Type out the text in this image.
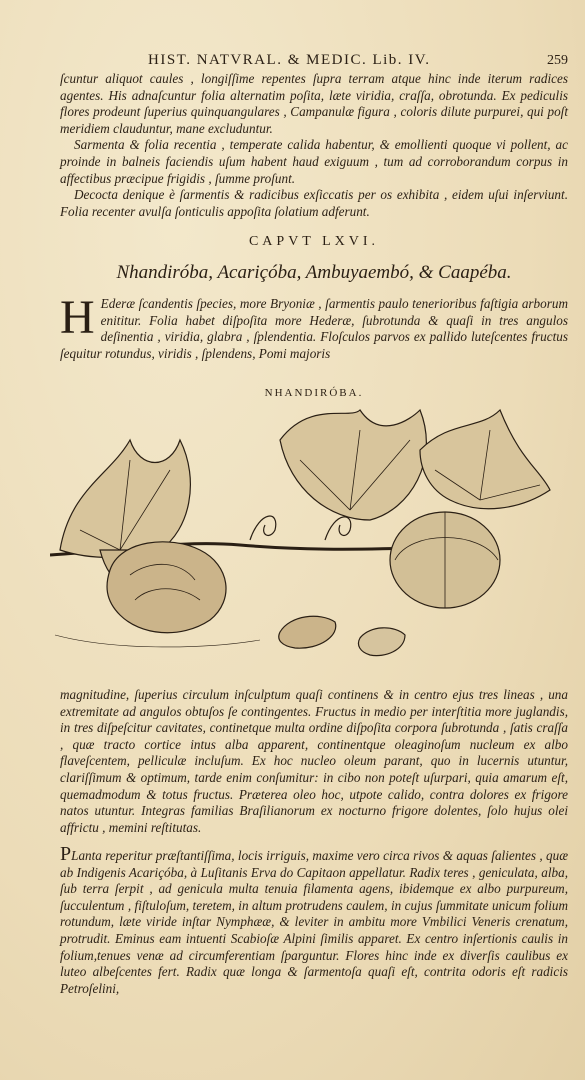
HIST. NATVRAL. & MEDIC. Lib. IV.	259

ſcuntur aliquot caules , longiſſime repentes ſupra terram atque hinc inde iterum radices agentes. His adnaſcuntur folia alternatim poſita, læte viridia, craſſa, obrotunda. Ex pediculis flores prodeunt ſuperius quinquangulares , Campanulæ figura , coloris dilute purpurei, qui poſt meridiem clauduntur, mane excluduntur.

Sarmenta & folia recentia , temperate calida habentur, & emollienti quoque vi pollent, ac proinde in balneis faciendis uſum habent haud exiguum , tum ad corroborandum corpus in affectibus præcipue frigidis , ſumme proſunt.

Decocta denique è ſarmentis & radicibus exſiccatis per os exhibita , eidem uſui inſerviunt. Folia recenter avulſa ſonticulis appoſita ſolatium adferunt.

CAPVT LXVI.
Nhandiróba, Acariçóba, Ambuyaembó, & Caapéba.

H Ederæ ſcandentis ſpecies, more Bryoniæ , ſarmentis paulo tenerioribus faſtigia arborum enititur. Folia habet diſpoſita more Hederæ, ſubrotunda & quaſi in tres angulos deſinentia , viridia, glabra , ſplendentia. Floſculos parvos ex pallido luteſcentes fructus ſequitur rotundus, viridis , ſplendens, Pomi majoris

NHANDIRÓBA.

magnitudine, ſuperius circulum inſculptum quaſi continens & in centro ejus tres lineas , una extremitate ad angulos obtuſos ſe contingentes. Fructus in medio per interſtitia more juglandis, in tres diſpeſcitur cavitates, continetque multa ordine diſpoſita corpora ſubrotunda , ſatis craſſa , quæ tracto cortice intus alba apparent, continentque oleaginoſum nucleum ex albo flaveſcentem, pelliculæ incluſum. Ex hoc nucleo oleum parant, quo in lucernis utuntur, clariſſimum & optimum, tarde enim conſumitur: in cibo non poteſt uſurpari, quia amarum eſt, quemadmodum & totus fructus. Præterea oleo hoc, utpote calido, contra dolores ex frigore natos utuntur. Integras familias Braſilianorum ex nocturno frigore dolentes, ſolo hujus olei affrictu , memini reſtitutas.

PLanta reperitur præſtantiſſima, locis irriguis, maxime vero circa rivos & aquas ſalientes , quæ ab Indigenis Acariçóba, à Luſitanis Erva do Capitaon appellatur. Radix teres , geniculata, alba, ſub terra ſerpit , ad genicula multa tenuia filamenta agens, ibidemque ex albo purpureum, ſucculentum , fiſtuloſum, teretem, in altum protrudens caulem, in cujus ſummitate unicum folium rotundum, læte viride inſtar Nymphææ, & leviter in ambitu more Vmbilici Veneris crenatum, protrudit. Eminus eam intuenti Scabioſæ Alpini ſimilis apparet. Ex centro inſertionis caulis in folium,tenues venæ ad circumferentiam ſparguntur. Flores hinc inde ex diverſis caulibus ex luteo albeſcentes fert. Radix quæ longa & ſarmentoſa quaſi eſt, contrita odoris eſt radicis Petroſelini,
